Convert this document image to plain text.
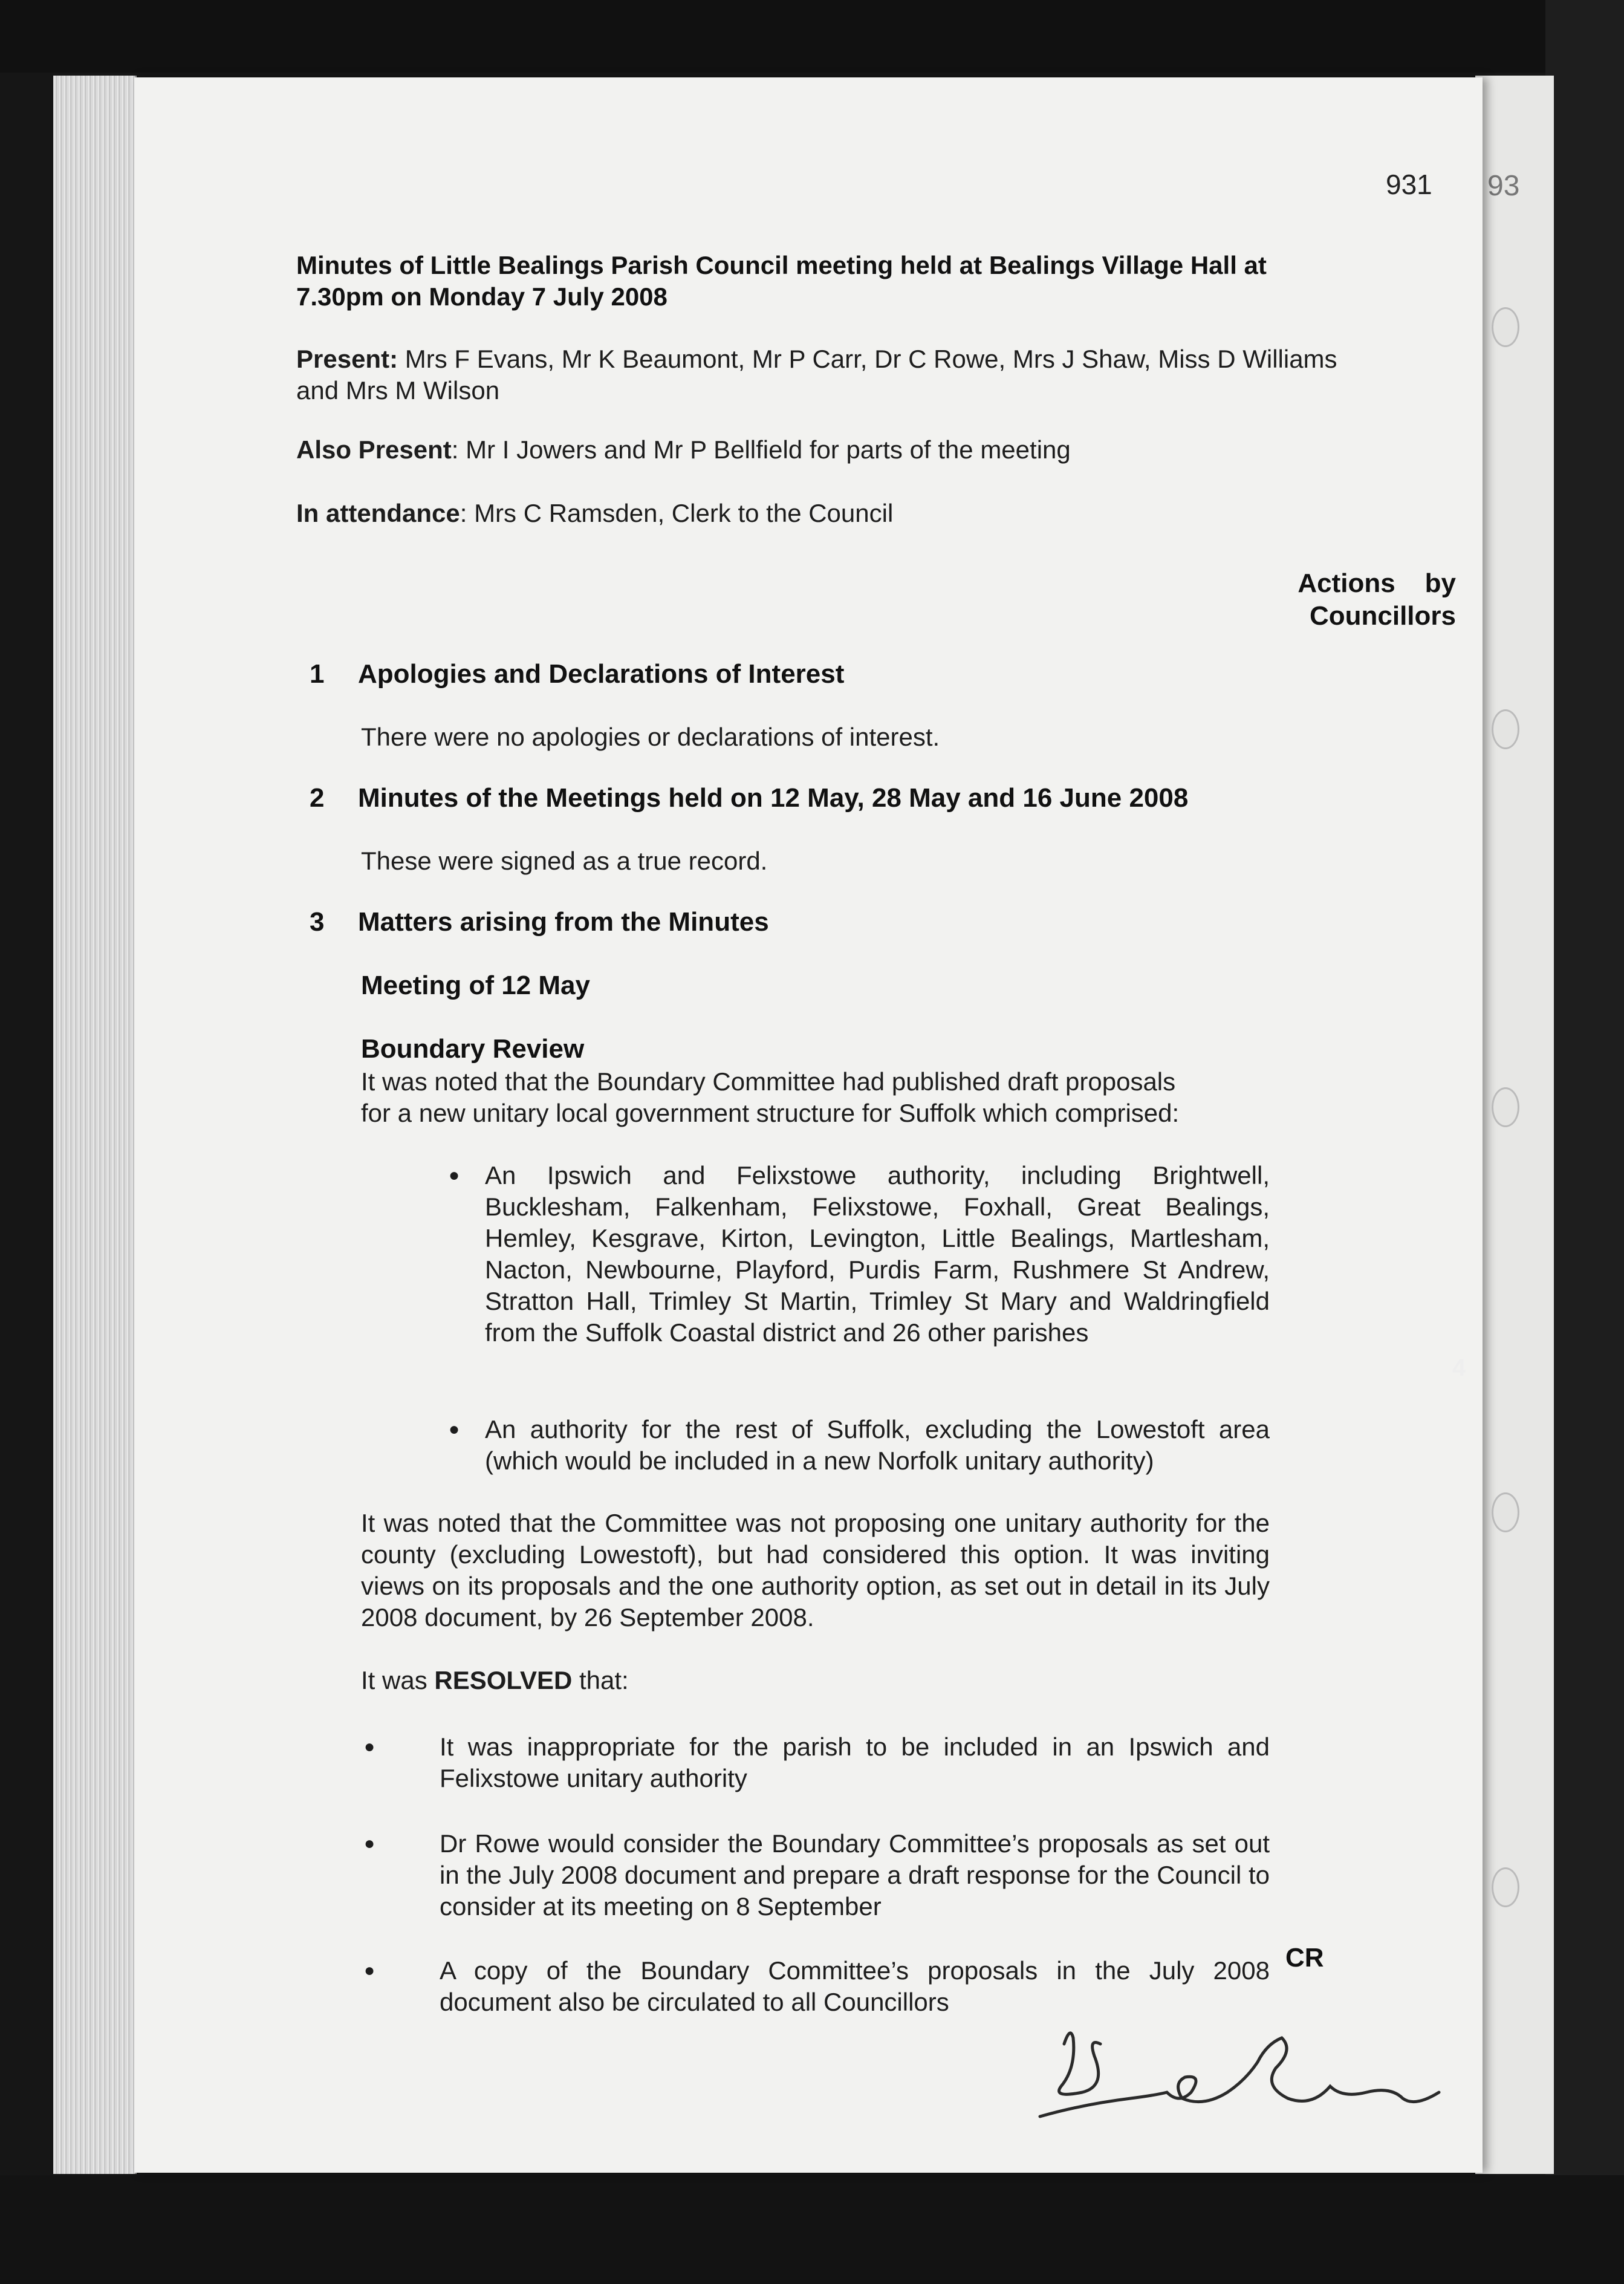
93
931
Minutes of Little Bealings Parish Council meeting held at Bealings Village Hall at
7.30pm on Monday 7 July 2008
Present: Mrs F Evans, Mr K Beaumont, Mr P Carr, Dr C Rowe, Mrs J Shaw, Miss D Williams
and Mrs M Wilson
Also Present: Mr I Jowers and Mr P Bellfield for parts of the meeting
In attendance: Mrs C Ramsden, Clerk to the Council
Actions    by
Councillors
1 Apologies and Declarations of Interest
There were no apologies or declarations of interest.
2 Minutes of the Meetings held on 12 May, 28 May and 16 June 2008
These were signed as a true record.
3 Matters arising from the Minutes
Meeting of 12 May
Boundary Review
It was noted that the Boundary Committee had published draft proposals
for a new unitary local government structure for Suffolk which comprised:
● An Ipswich and Felixstowe authority, including Brightwell, Bucklesham, Falkenham, Felixstowe, Foxhall, Great Bealings, Hemley, Kesgrave, Kirton, Levington, Little Bealings, Martlesham, Nacton, Newbourne, Playford, Purdis Farm, Rushmere St Andrew, Stratton Hall, Trimley St Martin, Trimley St Mary and Waldringfield from the Suffolk Coastal district and 26 other parishes
● An authority for the rest of Suffolk, excluding the Lowestoft area (which would be included in a new Norfolk unitary authority)
It was noted that the Committee was not proposing one unitary authority for the county (excluding Lowestoft), but had considered this option. It was inviting views on its proposals and the one authority option, as set out in detail in its July 2008 document, by 26 September 2008.
It was RESOLVED that:
●	It was inappropriate for the parish to be included in an Ipswich and Felixstowe unitary authority
●	Dr Rowe would consider the Boundary Committee’s proposals as set out in the July 2008 document and prepare a draft response for the Council to consider at its meeting on 8 September
CR
●	A copy of the Boundary Committee’s proposals in the July 2008 document also be circulated to all Councillors
4
